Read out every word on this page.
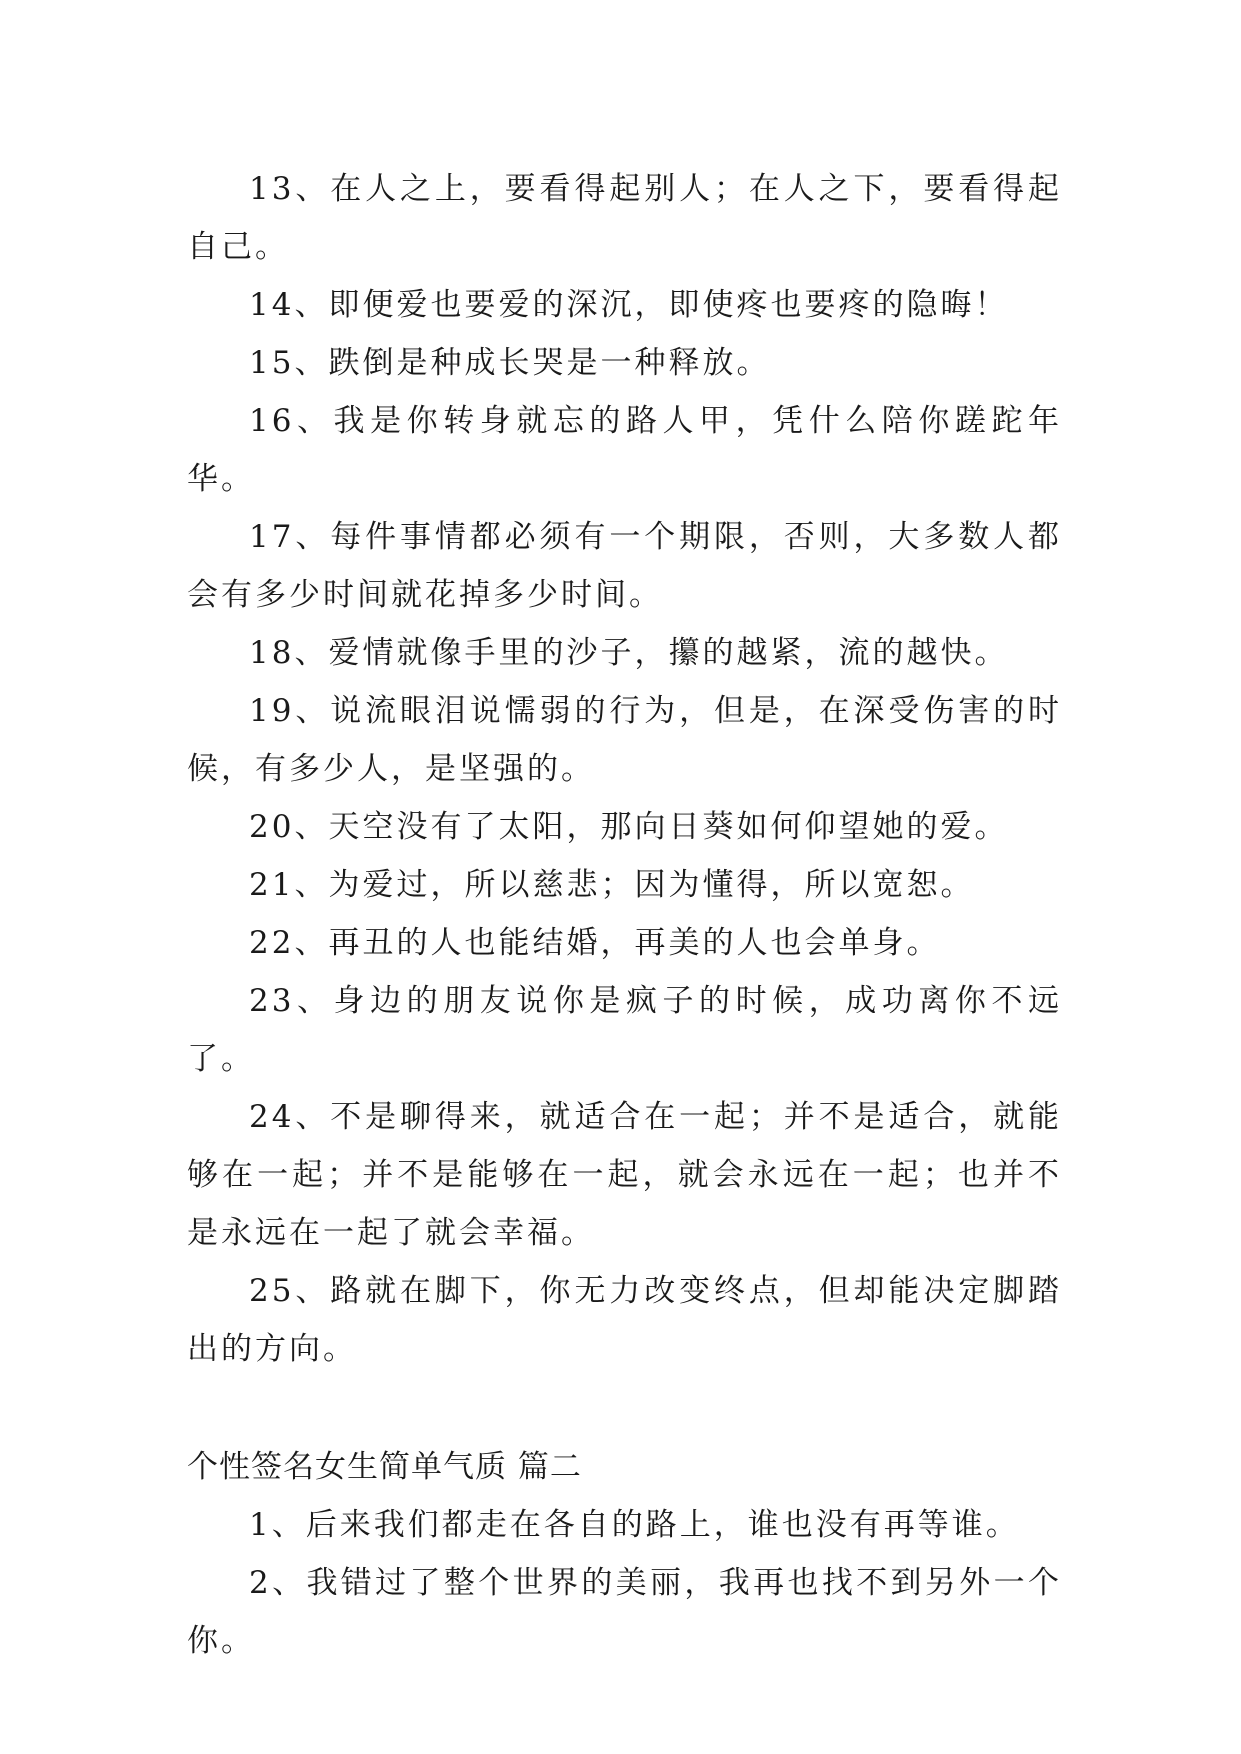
13、在人之上，要看得起别人；在人之下，要看得起自己。

14、即便爱也要爱的深沉，即使疼也要疼的隐晦！

15、跌倒是种成长哭是一种释放。

16、我是你转身就忘的路人甲，凭什么陪你蹉跎年华。

17、每件事情都必须有一个期限，否则，大多数人都会有多少时间就花掉多少时间。

18、爱情就像手里的沙子，攥的越紧，流的越快。

19、说流眼泪说懦弱的行为，但是，在深受伤害的时候，有多少人，是坚强的。

20、天空没有了太阳，那向日葵如何仰望她的爱。

21、为爱过，所以慈悲；因为懂得，所以宽恕。

22、再丑的人也能结婚，再美的人也会单身。

23、身边的朋友说你是疯子的时候，成功离你不远了。

24、不是聊得来，就适合在一起；并不是适合，就能够在一起；并不是能够在一起，就会永远在一起；也并不是永远在一起了就会幸福。

25、路就在脚下，你无力改变终点，但却能决定脚踏出的方向。

个性签名女生简单气质 篇二

1、后来我们都走在各自的路上，谁也没有再等谁。

2、我错过了整个世界的美丽，我再也找不到另外一个你。
